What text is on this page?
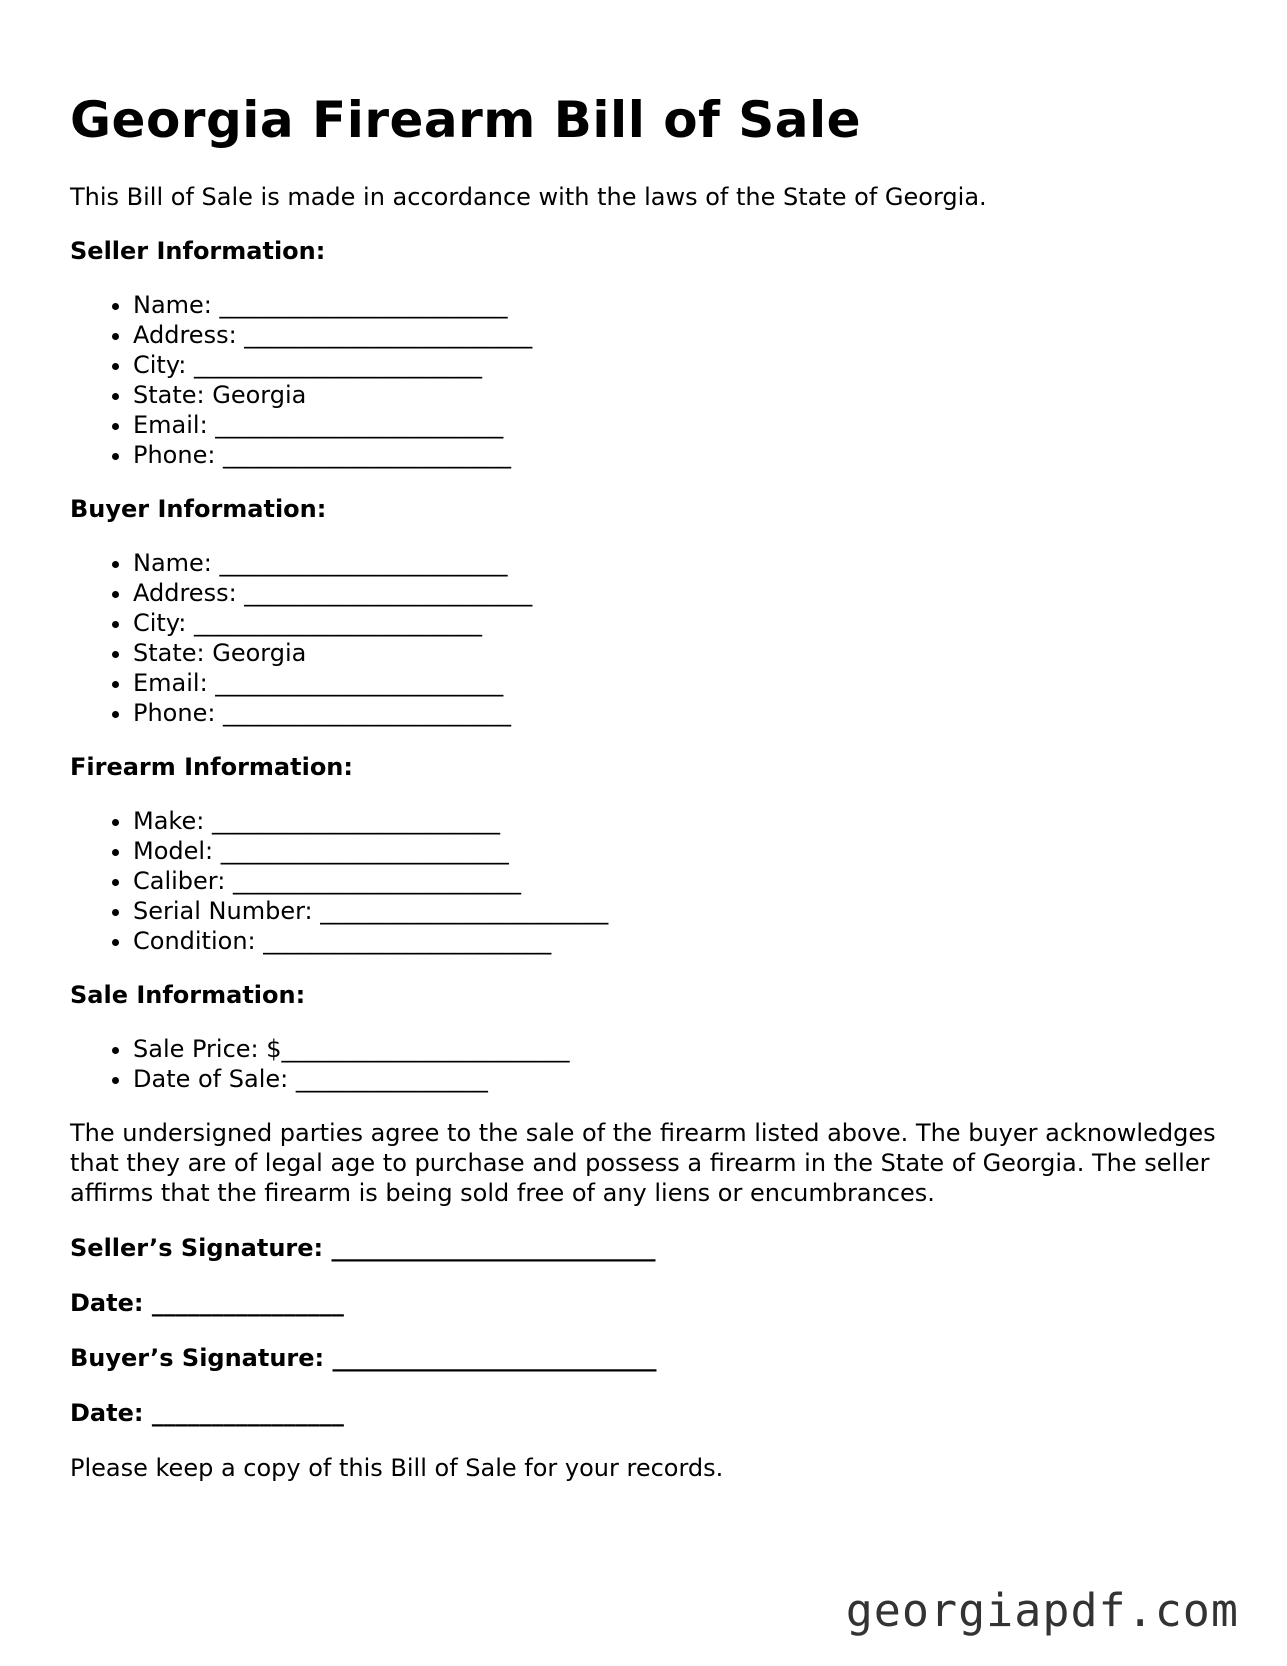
Georgia Firearm Bill of Sale

This Bill of Sale is made in accordance with the laws of the State of Georgia.

Seller Information:

• Name: ________________________
• Address: ________________________
• City: ________________________
• State: Georgia
• Email: ________________________
• Phone: ________________________

Buyer Information:

• Name: ________________________
• Address: ________________________
• City: ________________________
• State: Georgia
• Email: ________________________
• Phone: ________________________

Firearm Information:

• Make: ________________________
• Model: ________________________
• Caliber: ________________________
• Serial Number: ________________________
• Condition: ________________________

Sale Information:

• Sale Price: $________________________
• Date of Sale: ________________

The undersigned parties agree to the sale of the firearm listed above. The buyer acknowledges that they are of legal age to purchase and possess a firearm in the State of Georgia. The seller affirms that the firearm is being sold free of any liens or encumbrances.

Seller’s Signature: ___________________________

Date: ________________

Buyer’s Signature: ___________________________

Date: ________________

Please keep a copy of this Bill of Sale for your records.

georgiapdf.com
